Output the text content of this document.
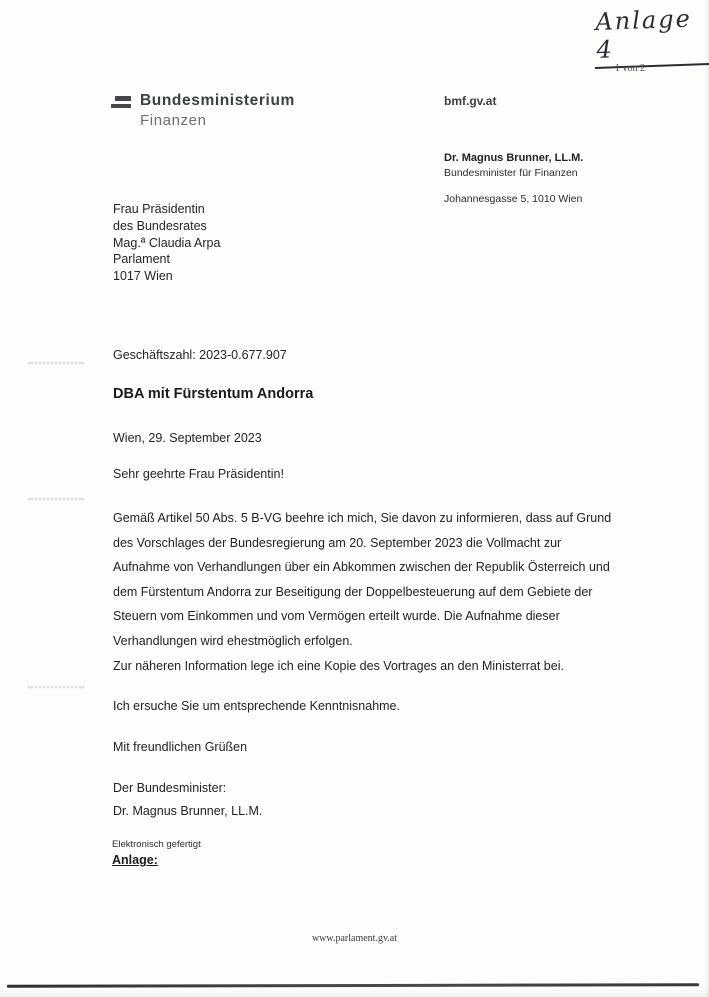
Anlage 4
1 von 2
Bundesministerium
Finanzen
bmf.gv.at
Dr. Magnus Brunner, LL.M.
Bundesminister für Finanzen
Johannesgasse 5, 1010 Wien
Frau Präsidentin
des Bundesrates
Mag.ª Claudia Arpa
Parlament
1017 Wien
Geschäftszahl: 2023-0.677.907
DBA mit Fürstentum Andorra
Wien, 29. September 2023
Sehr geehrte Frau Präsidentin!
Gemäß Artikel 50 Abs. 5 B-VG beehre ich mich, Sie davon zu informieren, dass auf Grund
des Vorschlages der Bundesregierung am 20. September 2023 die Vollmacht zur
Aufnahme von Verhandlungen über ein Abkommen zwischen der Republik Österreich und
dem Fürstentum Andorra zur Beseitigung der Doppelbesteuerung auf dem Gebiete der
Steuern vom Einkommen und vom Vermögen erteilt wurde. Die Aufnahme dieser
Verhandlungen wird ehestmöglich erfolgen.
Zur näheren Information lege ich eine Kopie des Vortrages an den Ministerrat bei.
Ich ersuche Sie um entsprechende Kenntnisnahme.
Mit freundlichen Grüßen
Der Bundesminister:
Dr. Magnus Brunner, LL.M.
Elektronisch gefertigt
Anlage:
www.parlament.gv.at
